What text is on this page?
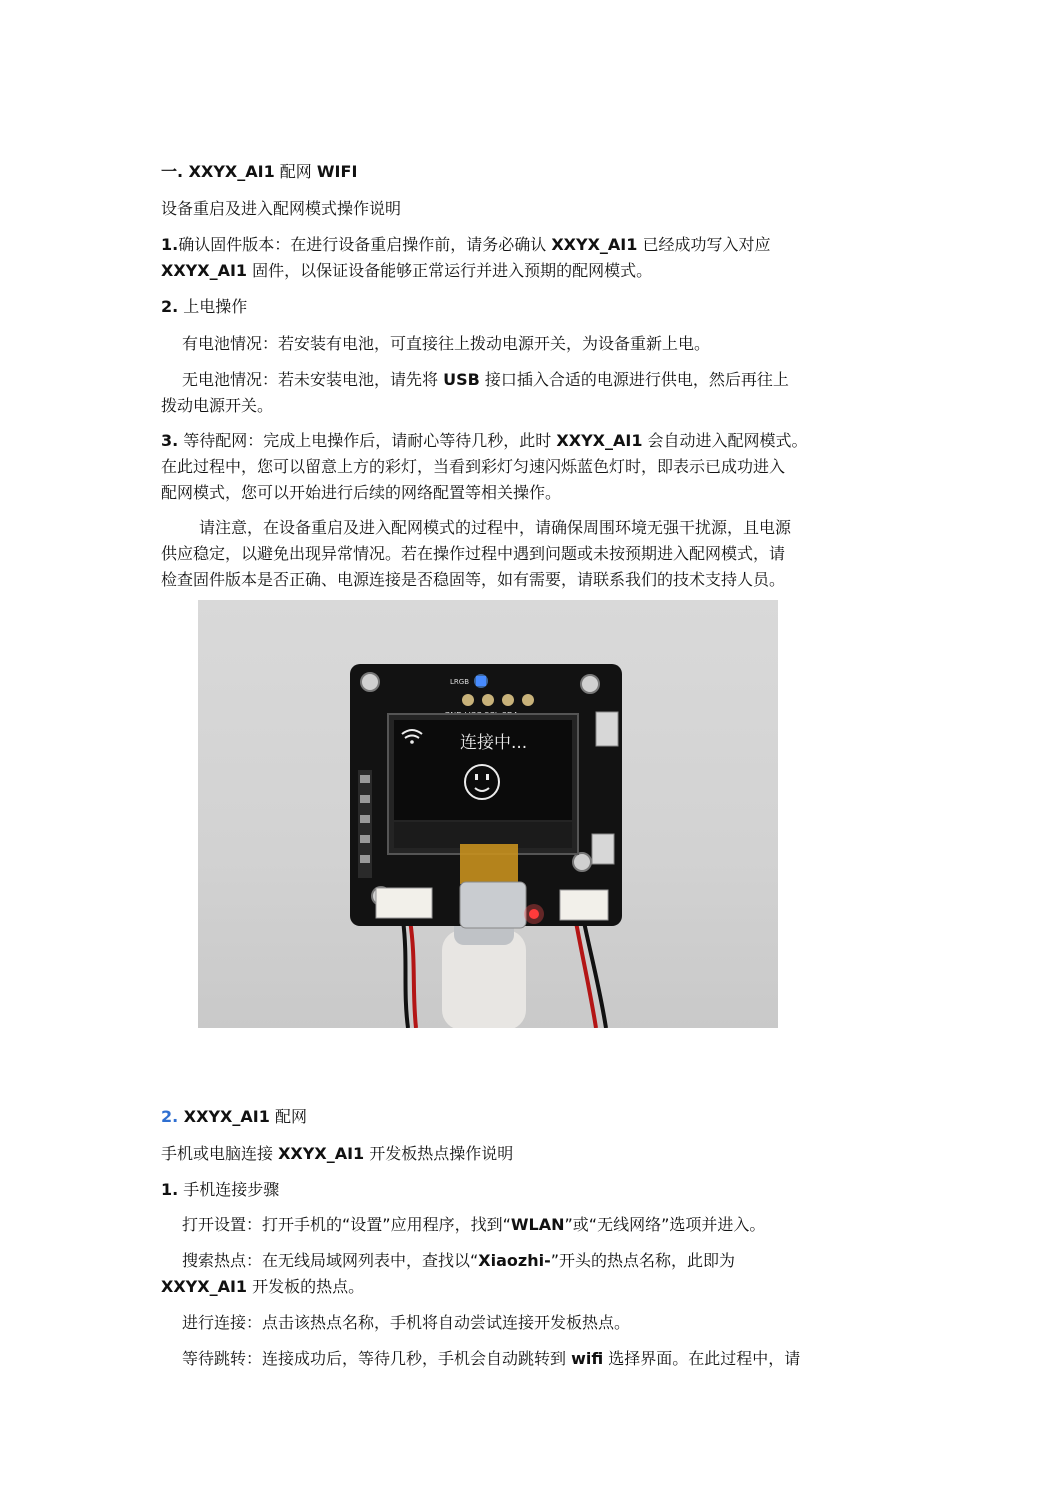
一. XXYX_AI1 配网 WIFI
设备重启及进入配网模式操作说明
1.确认固件版本：在进行设备重启操作前，请务必确认 XXYX_AI1 已经成功写入对应
XXYX_AI1 固件，以保证设备能够正常运行并进入预期的配网模式。
2. 上电操作
有电池情况：若安装有电池，可直接往上拨动电源开关，为设备重新上电。
无电池情况：若未安装电池，请先将 USB 接口插入合适的电源进行供电，然后再往上
拨动电源开关。
3. 等待配网：完成上电操作后，请耐心等待几秒，此时 XXYX_AI1 会自动进入配网模式。
在此过程中，您可以留意上方的彩灯，当看到彩灯匀速闪烁蓝色灯时，即表示已成功进入
配网模式，您可以开始进行后续的网络配置等相关操作。
请注意，在设备重启及进入配网模式的过程中，请确保周围环境无强干扰源，且电源
供应稳定，以避免出现异常情况。若在操作过程中遇到问题或未按预期进入配网模式，请
检查固件版本是否正确、电源连接是否稳固等，如有需要，请联系我们的技术支持人员。
2. XXYX_AI1 配网
手机或电脑连接 XXYX_AI1 开发板热点操作说明
1. 手机连接步骤
打开设置：打开手机的“设置”应用程序，找到“WLAN”或“无线网络”选项并进入。
搜索热点：在无线局域网列表中，查找以“Xiaozhi-”开头的热点名称，此即为
XXYX_AI1 开发板的热点。
进行连接：点击该热点名称，手机将自动尝试连接开发板热点。
等待跳转：连接成功后，等待几秒，手机会自动跳转到 wifi 选择界面。在此过程中，请
LRGB
连接中...
